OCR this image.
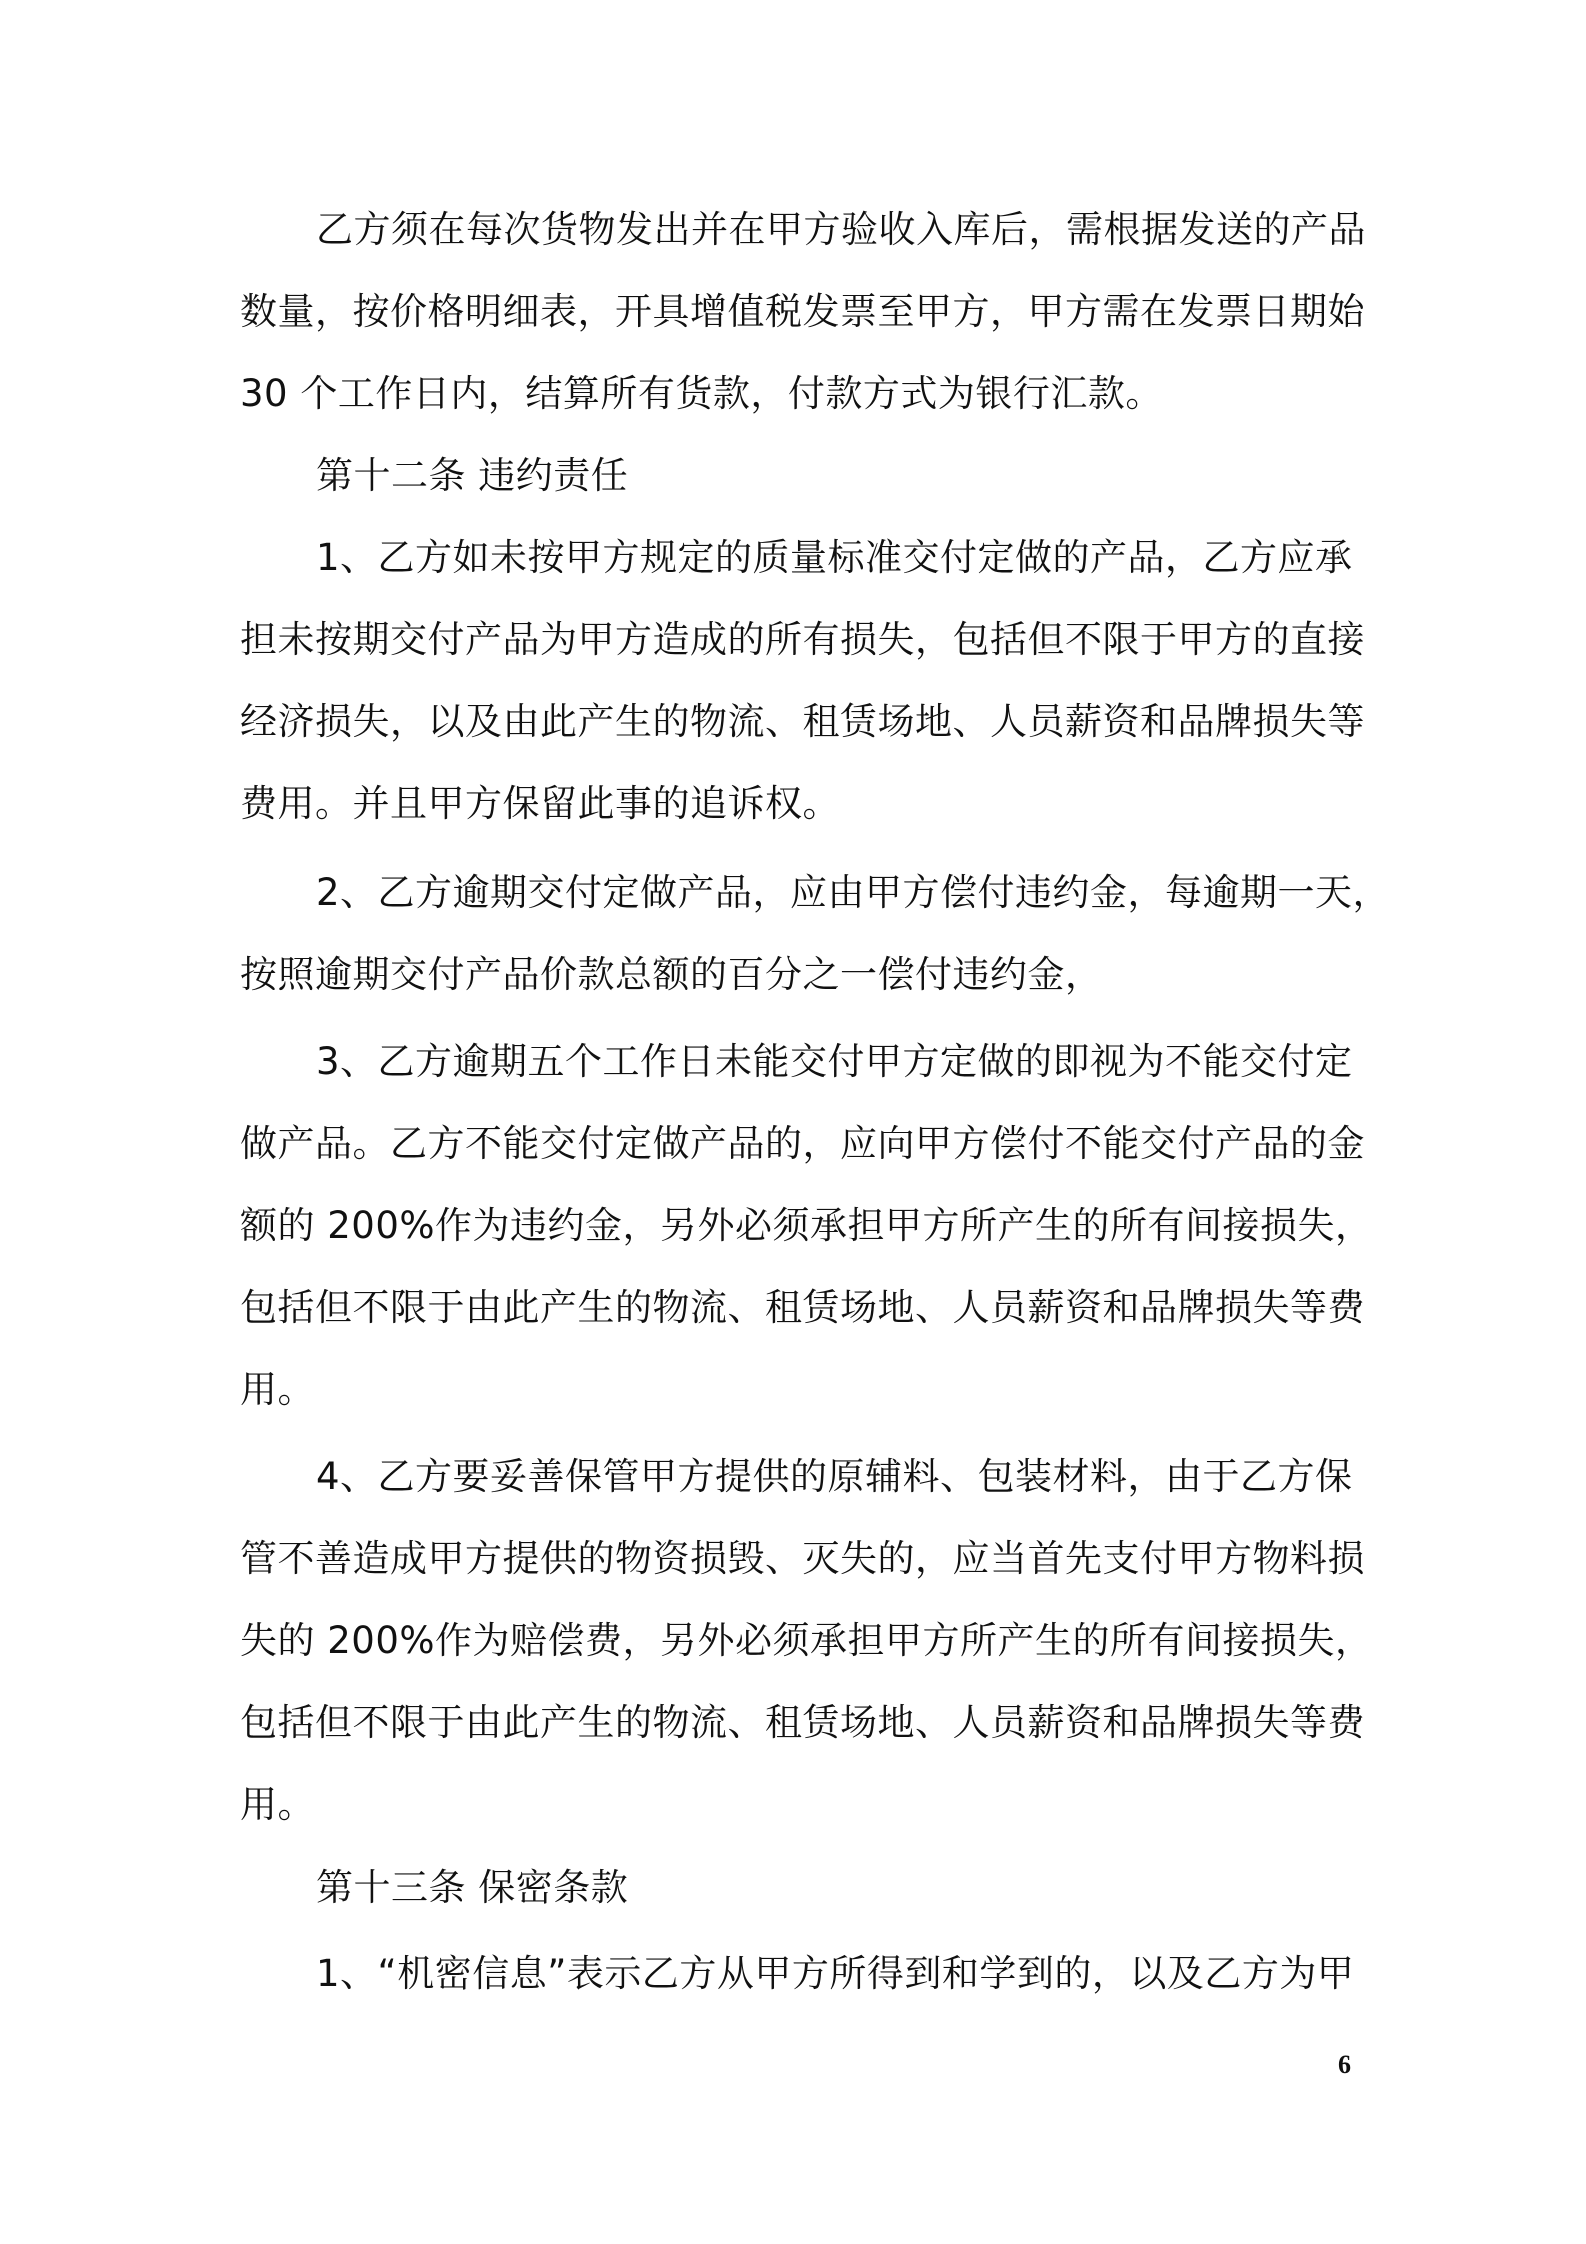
乙方须在每次货物发出并在甲方验收入库后，需根据发送的产品
数量，按价格明细表，开具增值税发票至甲方，甲方需在发票日期始
30 个工作日内，结算所有货款，付款方式为银行汇款。
第十二条 违约责任
1、乙方如未按甲方规定的质量标准交付定做的产品，乙方应承
担未按期交付产品为甲方造成的所有损失，包括但不限于甲方的直接
经济损失，以及由此产生的物流、租赁场地、人员薪资和品牌损失等
费用。并且甲方保留此事的追诉权。
2、乙方逾期交付定做产品，应由甲方偿付违约金，每逾期一天，
按照逾期交付产品价款总额的百分之一偿付违约金，
3、乙方逾期五个工作日未能交付甲方定做的即视为不能交付定
做产品。乙方不能交付定做产品的，应向甲方偿付不能交付产品的金
额的 200%作为违约金，另外必须承担甲方所产生的所有间接损失，
包括但不限于由此产生的物流、租赁场地、人员薪资和品牌损失等费
用。
4、乙方要妥善保管甲方提供的原辅料、包装材料，由于乙方保
管不善造成甲方提供的物资损毁、灭失的，应当首先支付甲方物料损
失的 200%作为赔偿费，另外必须承担甲方所产生的所有间接损失，
包括但不限于由此产生的物流、租赁场地、人员薪资和品牌损失等费
用。
第十三条 保密条款
1、“机密信息”表示乙方从甲方所得到和学到的，以及乙方为甲
6
